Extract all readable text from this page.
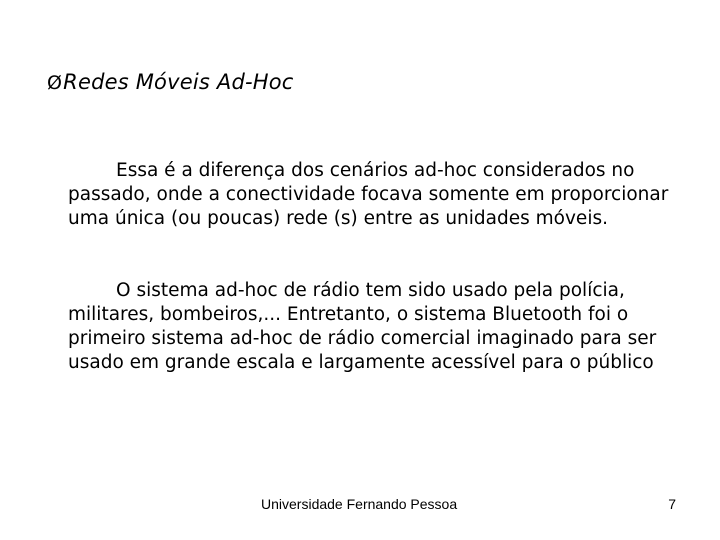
ØRedes Móveis Ad-Hoc

Essa é a diferença dos cenários ad-hoc considerados no passado, onde a conectividade focava somente em proporcionar uma única (ou poucas) rede (s) entre as unidades móveis.

O sistema ad-hoc de rádio tem sido usado pela polícia, militares, bombeiros,... Entretanto, o sistema Bluetooth foi o primeiro sistema ad-hoc de rádio comercial imaginado para ser usado em grande escala e largamente acessível para o público

Universidade Fernando Pessoa	7
